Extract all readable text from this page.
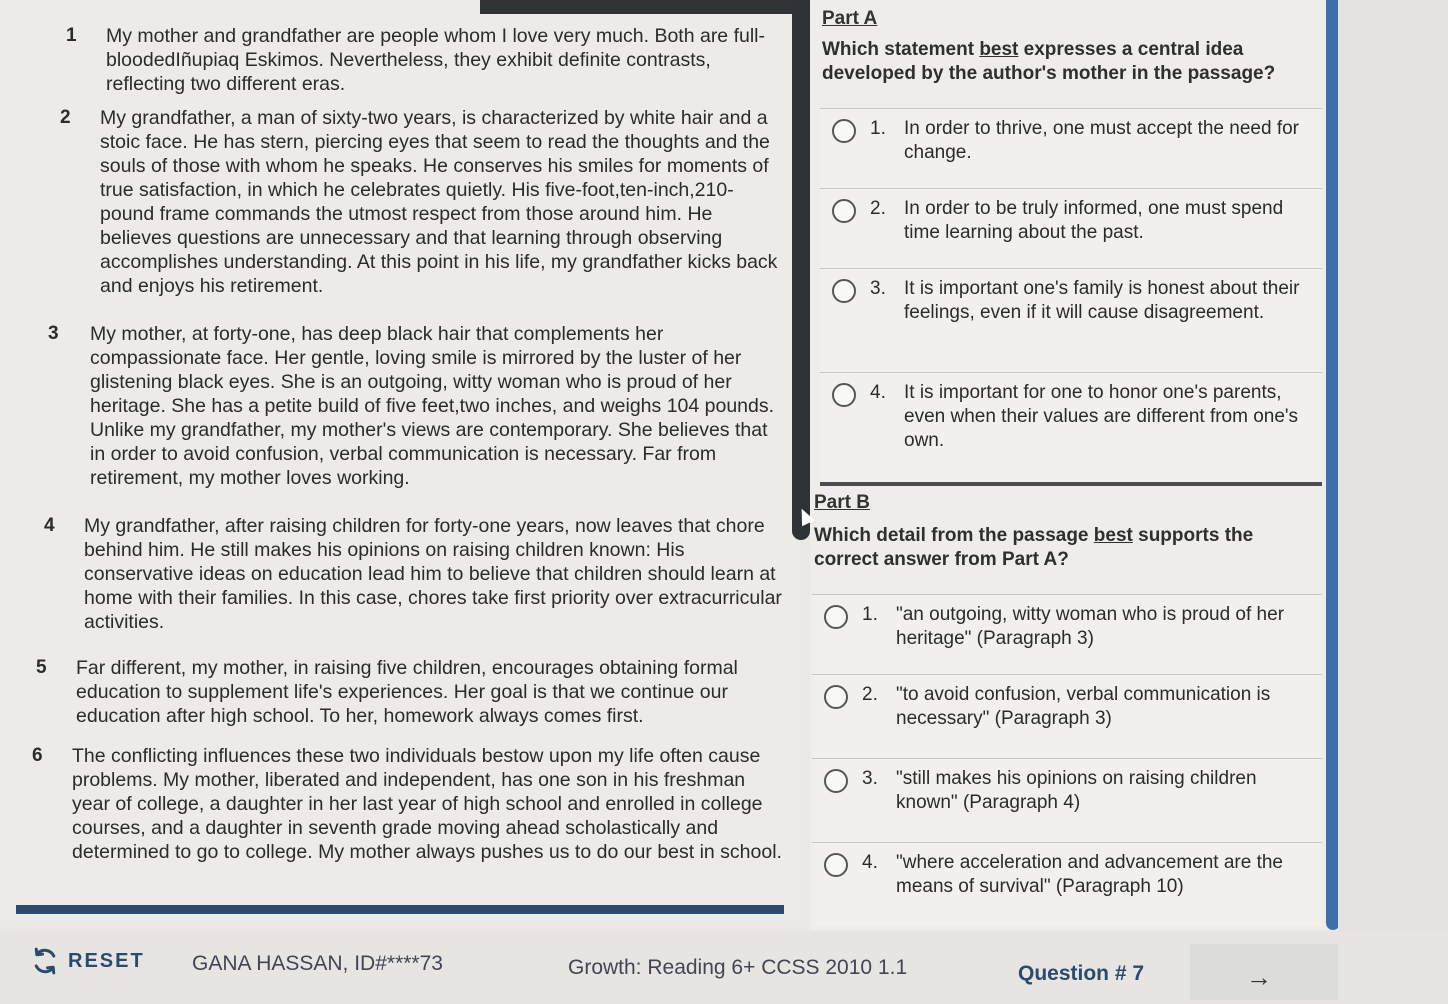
1	My mother and grandfather are people whom I love very much. Both are full-bloodedIñupiaq Eskimos. Nevertheless, they exhibit definite contrasts, reflecting two different eras.
2	My grandfather, a man of sixty-two years, is characterized by white hair and a stoic face. He has stern, piercing eyes that seem to read the thoughts and the souls of those with whom he speaks. He conserves his smiles for moments of true satisfaction, in which he celebrates quietly. His five-foot,ten-inch,210-pound frame commands the utmost respect from those around him. He believes questions are unnecessary and that learning through observing accomplishes understanding. At this point in his life, my grandfather kicks back and enjoys his retirement.
3	My mother, at forty-one, has deep black hair that complements her compassionate face. Her gentle, loving smile is mirrored by the luster of her glistening black eyes. She is an outgoing, witty woman who is proud of her heritage. She has a petite build of five feet,two inches, and weighs 104 pounds. Unlike my grandfather, my mother's views are contemporary. She believes that in order to avoid confusion, verbal communication is necessary. Far from retirement, my mother loves working.
4	My grandfather, after raising children for forty-one years, now leaves that chore behind him. He still makes his opinions on raising children known: His conservative ideas on education lead him to believe that children should learn at home with their families. In this case, chores take first priority over extracurricular activities.
5	Far different, my mother, in raising five children, encourages obtaining formal education to supplement life's experiences. Her goal is that we continue our education after high school. To her, homework always comes first.
6	The conflicting influences these two individuals bestow upon my life often cause problems. My mother, liberated and independent, has one son in his freshman year of college, a daughter in her last year of high school and enrolled in college courses, and a daughter in seventh grade moving ahead scholastically and determined to go to college. My mother always pushes us to do our best in school.
Part A
Which statement best expresses a central idea developed by the author's mother in the passage?
1. In order to thrive, one must accept the need for change.
2. In order to be truly informed, one must spend time learning about the past.
3. It is important one's family is honest about their feelings, even if it will cause disagreement.
4. It is important for one to honor one's parents, even when their values are different from one's own.
Part B
Which detail from the passage best supports the correct answer from Part A?
1. "an outgoing, witty woman who is proud of her heritage" (Paragraph 3)
2. "to avoid confusion, verbal communication is necessary" (Paragraph 3)
3. "still makes his opinions on raising children known" (Paragraph 4)
4. "where acceleration and advancement are the means of survival" (Paragraph 10)
RESET GANA HASSAN, ID#****73	Growth: Reading 6+ CCSS 2010 1.1	Question # 7	→
